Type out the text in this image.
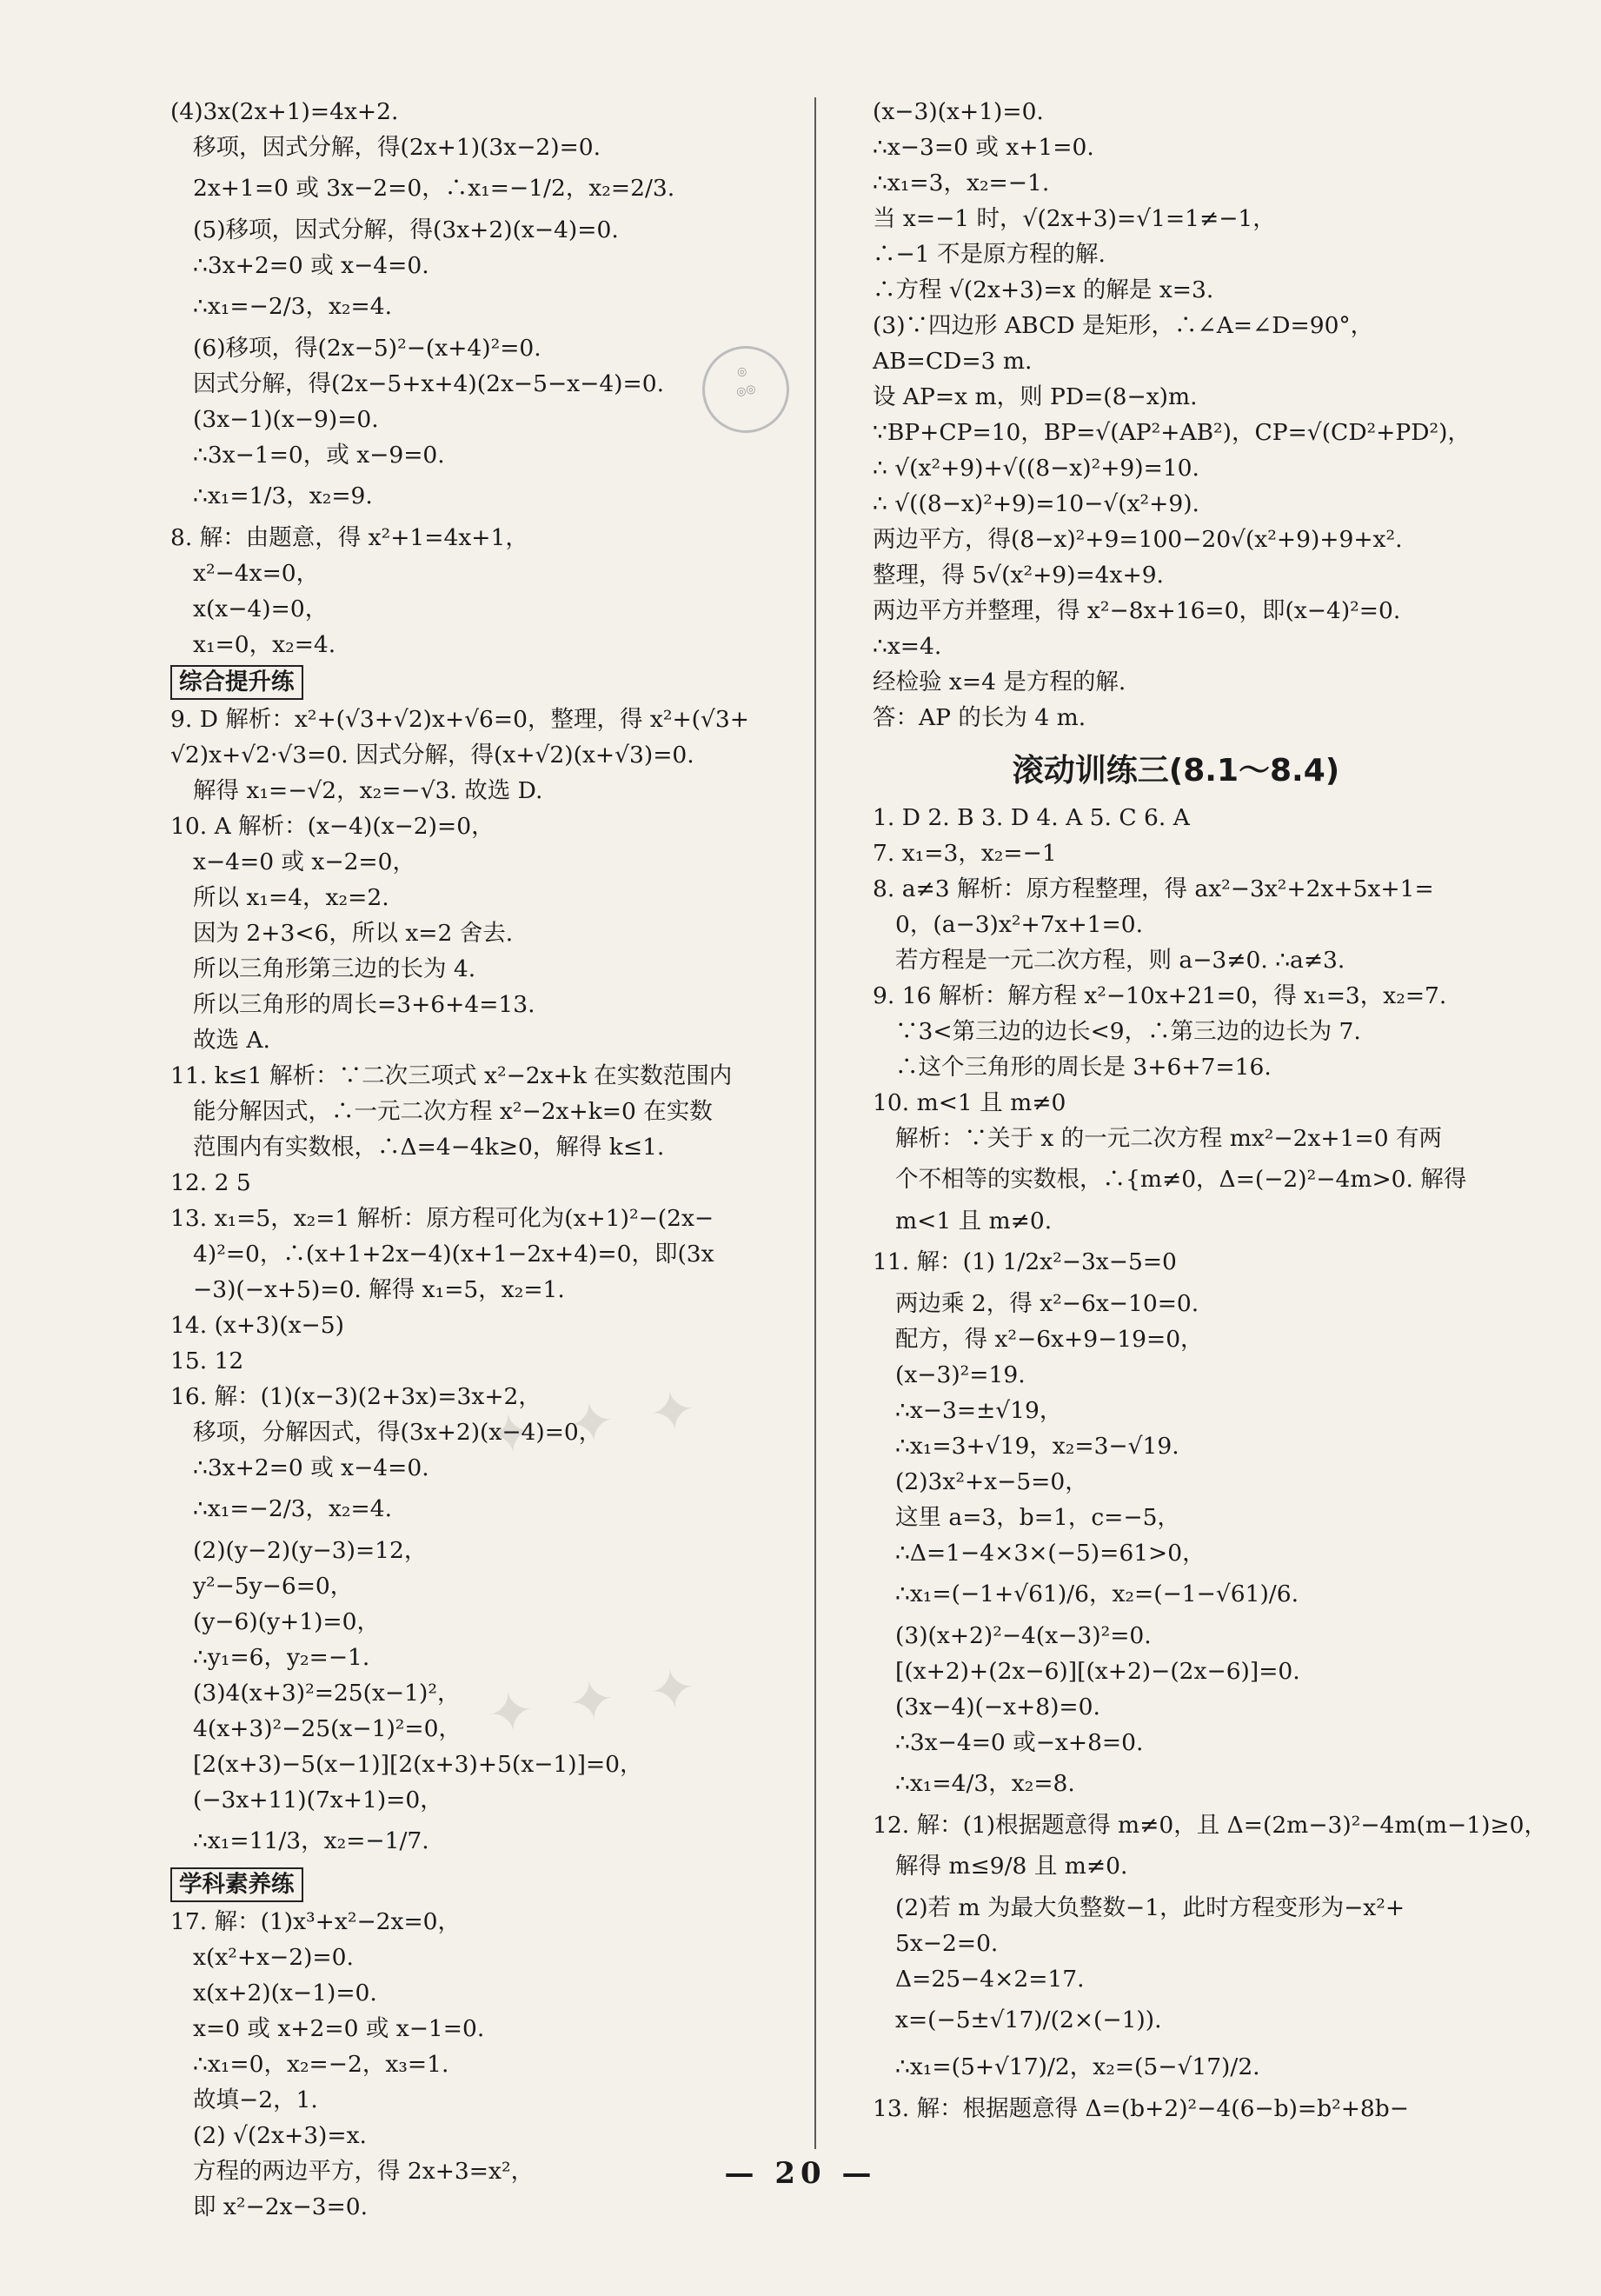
◎
◎◎
✦ ✦ ✦
✦ ✦ ✦
(4)3x(2x+1)=4x+2.
移项，因式分解，得(2x+1)(3x−2)=0.
2x+1=0 或 3x−2=0，∴x₁=−1/2，x₂=2/3.
(5)移项，因式分解，得(3x+2)(x−4)=0.
∴3x+2=0 或 x−4=0.
∴x₁=−2/3，x₂=4.
(6)移项，得(2x−5)²−(x+4)²=0.
因式分解，得(2x−5+x+4)(2x−5−x−4)=0.
(3x−1)(x−9)=0.
∴3x−1=0，或 x−9=0.
∴x₁=1/3，x₂=9.
8. 解：由题意，得 x²+1=4x+1，
x²−4x=0，
x(x−4)=0，
x₁=0，x₂=4.
综合提升练
9. D 解析：x²+(√3+√2)x+√6=0，整理，得 x²+(√3+
√2)x+√2·√3=0. 因式分解，得(x+√2)(x+√3)=0.
解得 x₁=−√2，x₂=−√3. 故选 D.
10. A 解析：(x−4)(x−2)=0，
x−4=0 或 x−2=0，
所以 x₁=4，x₂=2.
因为 2+3<6，所以 x=2 舍去.
所以三角形第三边的长为 4.
所以三角形的周长=3+6+4=13.
故选 A.
11. k≤1 解析：∵二次三项式 x²−2x+k 在实数范围内
能分解因式，∴一元二次方程 x²−2x+k=0 在实数
范围内有实数根，∴Δ=4−4k≥0，解得 k≤1.
12. 2 5
13. x₁=5，x₂=1 解析：原方程可化为(x+1)²−(2x−
4)²=0，∴(x+1+2x−4)(x+1−2x+4)=0，即(3x
−3)(−x+5)=0. 解得 x₁=5，x₂=1.
14. (x+3)(x−5)
15. 12
16. 解：(1)(x−3)(2+3x)=3x+2，
移项，分解因式，得(3x+2)(x−4)=0，
∴3x+2=0 或 x−4=0.
∴x₁=−2/3，x₂=4.
(2)(y−2)(y−3)=12，
y²−5y−6=0，
(y−6)(y+1)=0，
∴y₁=6，y₂=−1.
(3)4(x+3)²=25(x−1)²，
4(x+3)²−25(x−1)²=0，
[2(x+3)−5(x−1)][2(x+3)+5(x−1)]=0，
(−3x+11)(7x+1)=0，
∴x₁=11/3，x₂=−1/7.
学科素养练
17. 解：(1)x³+x²−2x=0，
x(x²+x−2)=0.
x(x+2)(x−1)=0.
x=0 或 x+2=0 或 x−1=0.
∴x₁=0，x₂=−2，x₃=1.
故填−2，1.
(2) √(2x+3)=x.
方程的两边平方，得 2x+3=x²，
即 x²−2x−3=0.
(x−3)(x+1)=0.
∴x−3=0 或 x+1=0.
∴x₁=3，x₂=−1.
当 x=−1 时，√(2x+3)=√1=1≠−1，
∴−1 不是原方程的解.
∴方程 √(2x+3)=x 的解是 x=3.
(3)∵四边形 ABCD 是矩形，∴∠A=∠D=90°，
AB=CD=3 m.
设 AP=x m，则 PD=(8−x)m.
∵BP+CP=10，BP=√(AP²+AB²)，CP=√(CD²+PD²)，
∴ √(x²+9)+√((8−x)²+9)=10.
∴ √((8−x)²+9)=10−√(x²+9).
两边平方，得(8−x)²+9=100−20√(x²+9)+9+x².
整理，得 5√(x²+9)=4x+9.
两边平方并整理，得 x²−8x+16=0，即(x−4)²=0.
∴x=4.
经检验 x=4 是方程的解.
答：AP 的长为 4 m.
滚动训练三(8.1～8.4)
1. D 2. B 3. D 4. A 5. C 6. A
7. x₁=3，x₂=−1
8. a≠3 解析：原方程整理，得 ax²−3x²+2x+5x+1=
0，(a−3)x²+7x+1=0.
若方程是一元二次方程，则 a−3≠0. ∴a≠3.
9. 16 解析：解方程 x²−10x+21=0，得 x₁=3，x₂=7.
∵3<第三边的边长<9，∴第三边的边长为 7.
∴这个三角形的周长是 3+6+7=16.
10. m<1 且 m≠0
解析：∵关于 x 的一元二次方程 mx²−2x+1=0 有两
个不相等的实数根，∴{m≠0，Δ=(−2)²−4m>0. 解得
m<1 且 m≠0.
11. 解：(1) 1/2x²−3x−5=0
两边乘 2，得 x²−6x−10=0.
配方，得 x²−6x+9−19=0，
(x−3)²=19.
∴x−3=±√19，
∴x₁=3+√19，x₂=3−√19.
(2)3x²+x−5=0，
这里 a=3，b=1，c=−5，
∴Δ=1−4×3×(−5)=61>0，
∴x₁=(−1+√61)/6，x₂=(−1−√61)/6.
(3)(x+2)²−4(x−3)²=0.
[(x+2)+(2x−6)][(x+2)−(2x−6)]=0.
(3x−4)(−x+8)=0.
∴3x−4=0 或−x+8=0.
∴x₁=4/3，x₂=8.
12. 解：(1)根据题意得 m≠0，且 Δ=(2m−3)²−4m(m−1)≥0，
解得 m≤9/8 且 m≠0.
(2)若 m 为最大负整数−1，此时方程变形为−x²+
5x−2=0.
Δ=25−4×2=17.
x=(−5±√17)/(2×(−1)).
∴x₁=(5+√17)/2，x₂=(5−√17)/2.
13. 解：根据题意得 Δ=(b+2)²−4(6−b)=b²+8b−
— 20 —
